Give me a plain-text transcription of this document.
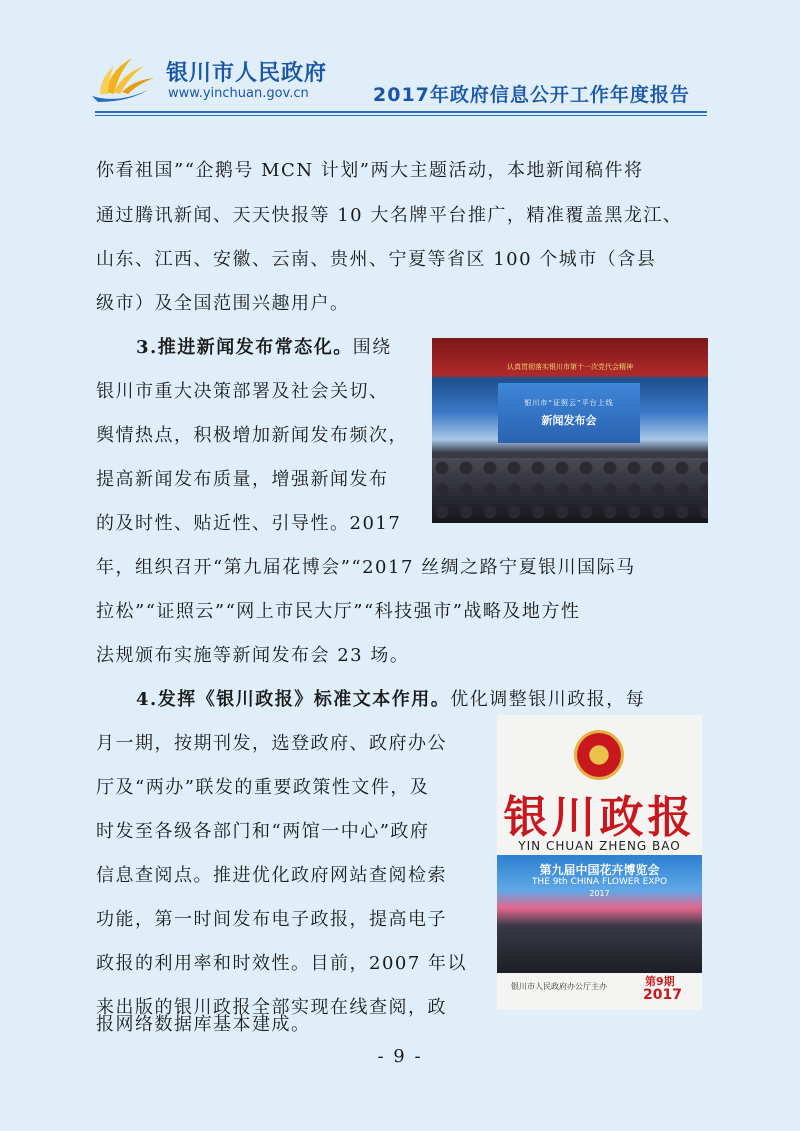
银川市人民政府
www.yinchuan.gov.cn	2017年政府信息公开工作年度报告
你看祖国”“企鹅号 MCN 计划”两大主题活动，本地新闻稿件将
通过腾讯新闻、天天快报等 10 大名牌平台推广，精准覆盖黑龙江、
山东、江西、安徽、云南、贵州、宁夏等省区 100 个城市（含县
级市）及全国范围兴趣用户。
3.推进新闻发布常态化。围绕
银川市重大决策部署及社会关切、
舆情热点，积极增加新闻发布频次，
提高新闻发布质量，增强新闻发布
的及时性、贴近性、引导性。2017
年，组织召开“第九届花博会”“2017 丝绸之路宁夏银川国际马
拉松”“证照云”“网上市民大厅”“科技强市”战略及地方性
法规颁布实施等新闻发布会 23 场。
4.发挥《银川政报》标准文本作用。优化调整银川政报，每
月一期，按期刊发，选登政府、政府办公
厅及“两办”联发的重要政策性文件，及
时发至各级各部门和“两馆一中心”政府
信息查阅点。推进优化政府网站查阅检索
功能，第一时间发布电子政报，提高电子
政报的利用率和时效性。目前，2007 年以
来出版的银川政报全部实现在线查阅，政
报网络数据库基本建成。
认真贯彻落实银川市第十一次党代会精神
银川市“证照云”平台上线
新闻发布会
银川政报
YIN CHUAN ZHENG BAO
第九届中国花卉博览会
THE 9th CHINA FLOWER EXPO
2017
银川市人民政府办公厅主办	第9期
2017
- 9 -
